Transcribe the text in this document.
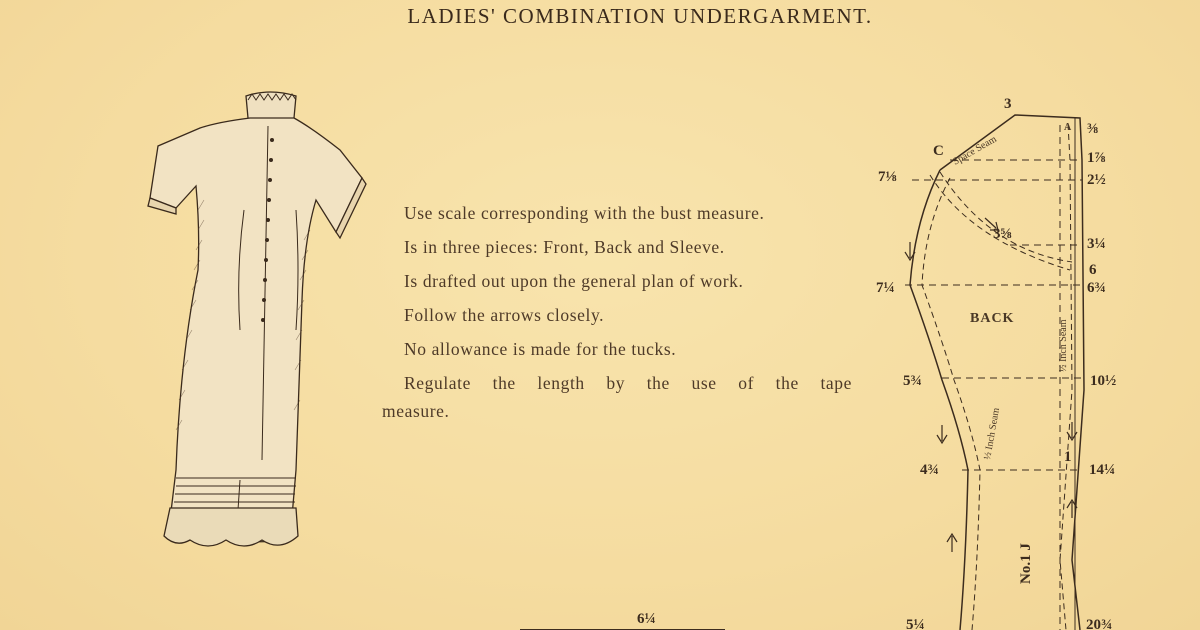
LADIES' COMBINATION UNDERGARMENT.
Use scale corresponding with the bust measure.
Is in three pieces: Front, Back and Sleeve.
Is drafted out upon the general plan of work.
Follow the arrows closely.
No allowance is made for the tucks.
Regulate the length by the use of the tape
measure.
3
⅜
A
C	1⅞
7⅛	2½
3⅝
3¼
6
7¼	6¾
BACK
5¾	10½
1
4¾	14¼
5¼	20¾
6¼
No.1 J
Space Seam
½ Inch Seam
½ Inch Seam
